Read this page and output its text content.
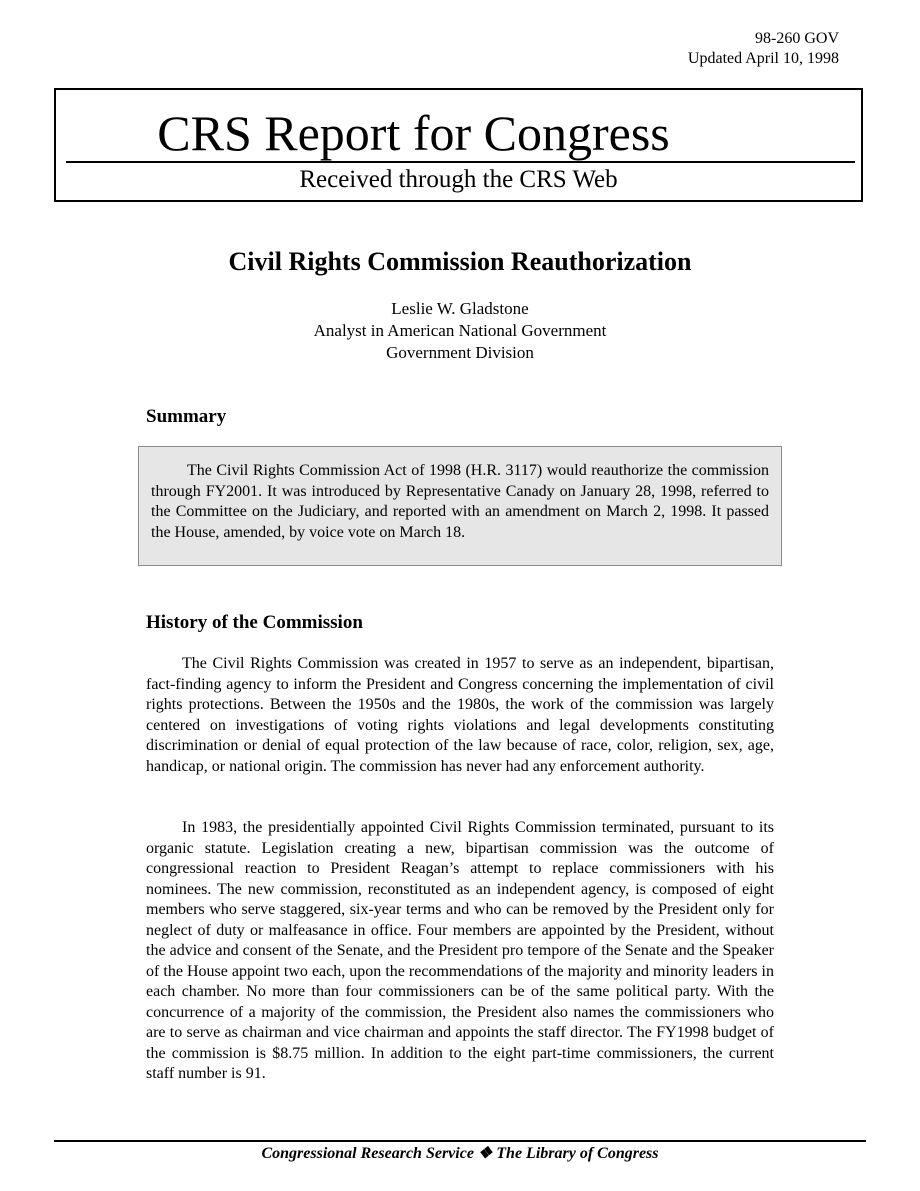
98-260 GOV
Updated April 10, 1998
CRS Report for Congress
Received through the CRS Web
Civil Rights Commission Reauthorization
Leslie W. Gladstone
Analyst in American National Government
Government Division
Summary

The Civil Rights Commission Act of 1998 (H.R. 3117) would reauthorize the commission through FY2001. It was introduced by Representative Canady on January 28, 1998, referred to the Committee on the Judiciary, and reported with an amendment on March 2, 1998. It passed the House, amended, by voice vote on March 18.

History of the Commission

The Civil Rights Commission was created in 1957 to serve as an independent, bipartisan, fact-finding agency to inform the President and Congress concerning the implementation of civil rights protections. Between the 1950s and the 1980s, the work of the commission was largely centered on investigations of voting rights violations and legal developments constituting discrimination or denial of equal protection of the law because of race, color, religion, sex, age, handicap, or national origin. The commission has never had any enforcement authority.

In 1983, the presidentially appointed Civil Rights Commission terminated, pursuant to its organic statute. Legislation creating a new, bipartisan commission was the outcome of congressional reaction to President Reagan’s attempt to replace commissioners with his nominees. The new commission, reconstituted as an independent agency, is composed of eight members who serve staggered, six-year terms and who can be removed by the President only for neglect of duty or malfeasance in office. Four members are appointed by the President, without the advice and consent of the Senate, and the President pro tempore of the Senate and the Speaker of the House appoint two each, upon the recommendations of the majority and minority leaders in each chamber. No more than four commissioners can be of the same political party. With the concurrence of a majority of the commission, the President also names the commissioners who are to serve as chairman and vice chairman and appoints the staff director. The FY1998 budget of the commission is $8.75 million. In addition to the eight part-time commissioners, the current staff number is 91.

Congressional Research Service ❖ The Library of Congress
